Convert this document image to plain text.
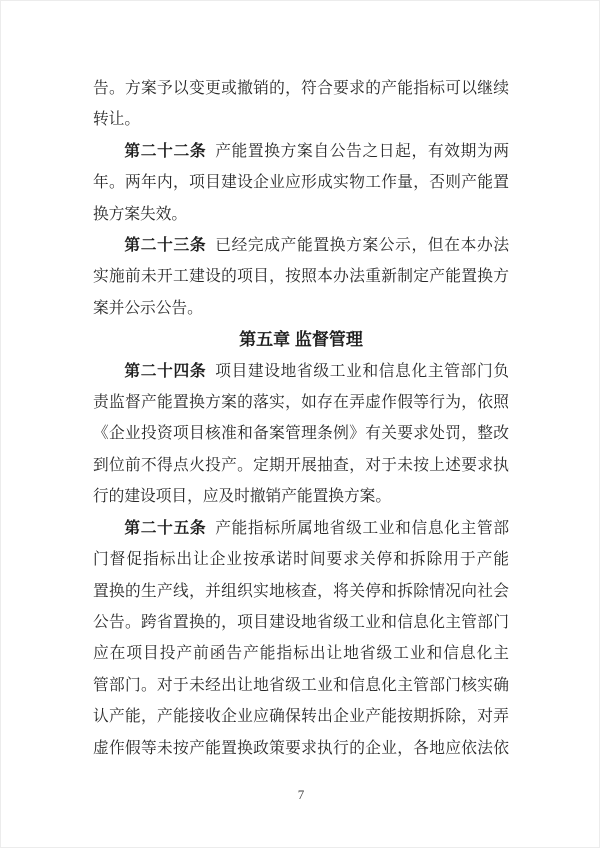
告。方案予以变更或撤销的，符合要求的产能指标可以继续
转让。
第二十二条 产能置换方案自公告之日起，有效期为两
年。两年内，项目建设企业应形成实物工作量，否则产能置
换方案失效。
第二十三条 已经完成产能置换方案公示，但在本办法
实施前未开工建设的项目，按照本办法重新制定产能置换方
案并公示公告。
第五章 监督管理
第二十四条 项目建设地省级工业和信息化主管部门负
责监督产能置换方案的落实，如存在弄虚作假等行为，依照
《企业投资项目核准和备案管理条例》有关要求处罚，整改
到位前不得点火投产。定期开展抽查，对于未按上述要求执
行的建设项目，应及时撤销产能置换方案。
第二十五条 产能指标所属地省级工业和信息化主管部
门督促指标出让企业按承诺时间要求关停和拆除用于产能
置换的生产线，并组织实地核查，将关停和拆除情况向社会
公告。跨省置换的，项目建设地省级工业和信息化主管部门
应在项目投产前函告产能指标出让地省级工业和信息化主
管部门。对于未经出让地省级工业和信息化主管部门核实确
认产能，产能接收企业应确保转出企业产能按期拆除，对弄
虚作假等未按产能置换政策要求执行的企业，各地应依法依
7
